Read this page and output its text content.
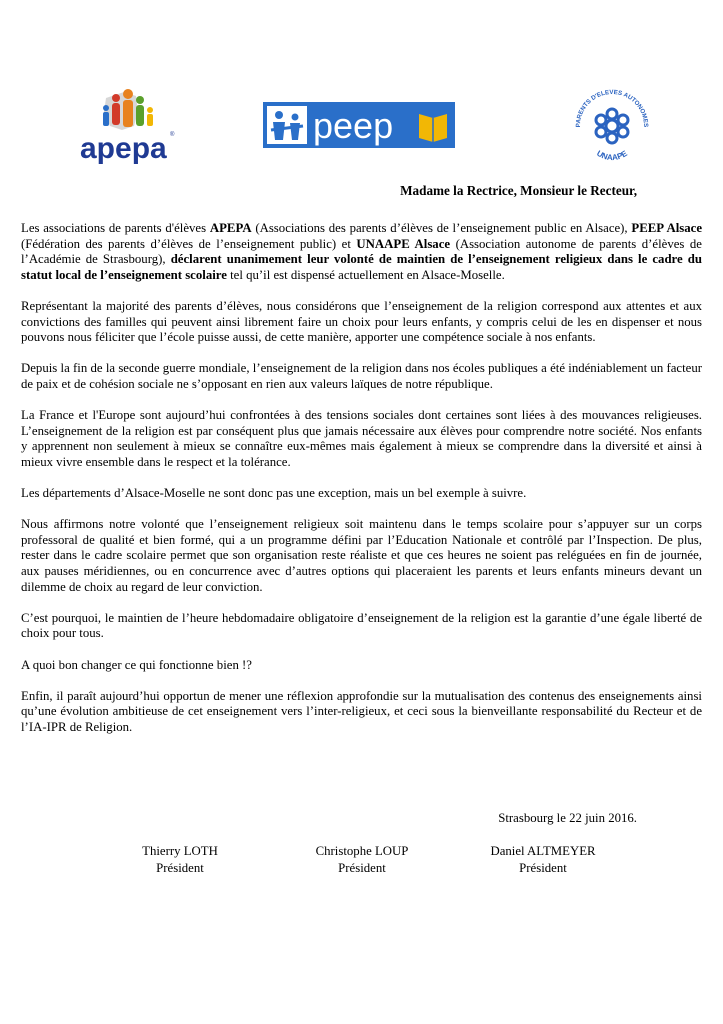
apepa ®	peep	PARENTS D'ELEVES AUTONOMES
UNAAPE
Madame la Rectrice, Monsieur le Recteur,

Les associations de parents d'élèves APEPA (Associations des parents d’élèves de l’enseignement public en Alsace), PEEP Alsace (Fédération des parents d’élèves de l’enseignement public) et UNAAPE Alsace (Association autonome de parents d’élèves de l’Académie de Strasbourg), déclarent unanimement leur volonté de maintien de l’enseignement religieux dans le cadre du statut local de l’enseignement scolaire tel qu’il est dispensé actuellement en Alsace-Moselle.

Représentant la majorité des parents d’élèves, nous considérons que l’enseignement de la religion correspond aux attentes et aux convictions des familles qui peuvent ainsi librement faire un choix pour leurs enfants, y compris celui de les en dispenser et nous pouvons nous féliciter que l’école puisse aussi, de cette manière, apporter une compétence sociale à nos enfants.

Depuis la fin de la seconde guerre mondiale, l’enseignement de la religion dans nos écoles publiques a été indéniablement un facteur de paix et de cohésion sociale ne s’opposant en rien aux valeurs laïques de notre république.

La France et l'Europe sont aujourd’hui confrontées à des tensions sociales dont certaines sont liées à des mouvances religieuses. L’enseignement de la religion est par conséquent plus que jamais nécessaire aux élèves pour comprendre notre société. Nos enfants y apprennent non seulement à mieux se connaître eux-mêmes mais également à mieux se comprendre dans la diversité et ainsi à mieux vivre ensemble dans le respect et la tolérance.

Les départements d’Alsace-Moselle ne sont donc pas une exception, mais un bel exemple à suivre.

Nous affirmons notre volonté que l’enseignement religieux soit maintenu dans le temps scolaire pour s’appuyer sur un corps professoral de qualité et bien formé, qui a un programme défini par l’Education Nationale et contrôlé par l’Inspection. De plus, rester dans le cadre scolaire permet que son organisation reste réaliste et que ces heures ne soient pas reléguées en fin de journée, aux pauses méridiennes, ou en concurrence avec d’autres options qui placeraient les parents et leurs enfants mineurs devant un dilemme de choix au regard de leur conviction.

C’est pourquoi, le maintien de l’heure hebdomadaire obligatoire d’enseignement de la religion est la garantie d’une égale liberté de choix pour tous.

A quoi bon changer ce qui fonctionne bien !?

Enfin, il paraît aujourd’hui opportun de mener une réflexion approfondie sur la mutualisation des contenus des enseignements ainsi qu’une évolution ambitieuse de cet enseignement vers l’inter-religieux, et ceci sous la bienveillante responsabilité du Recteur et de l’IA-IPR de Religion.

Strasbourg le 22 juin 2016.
Thierry LOTH
Président
Christophe LOUP
Président
Daniel ALTMEYER
Président
